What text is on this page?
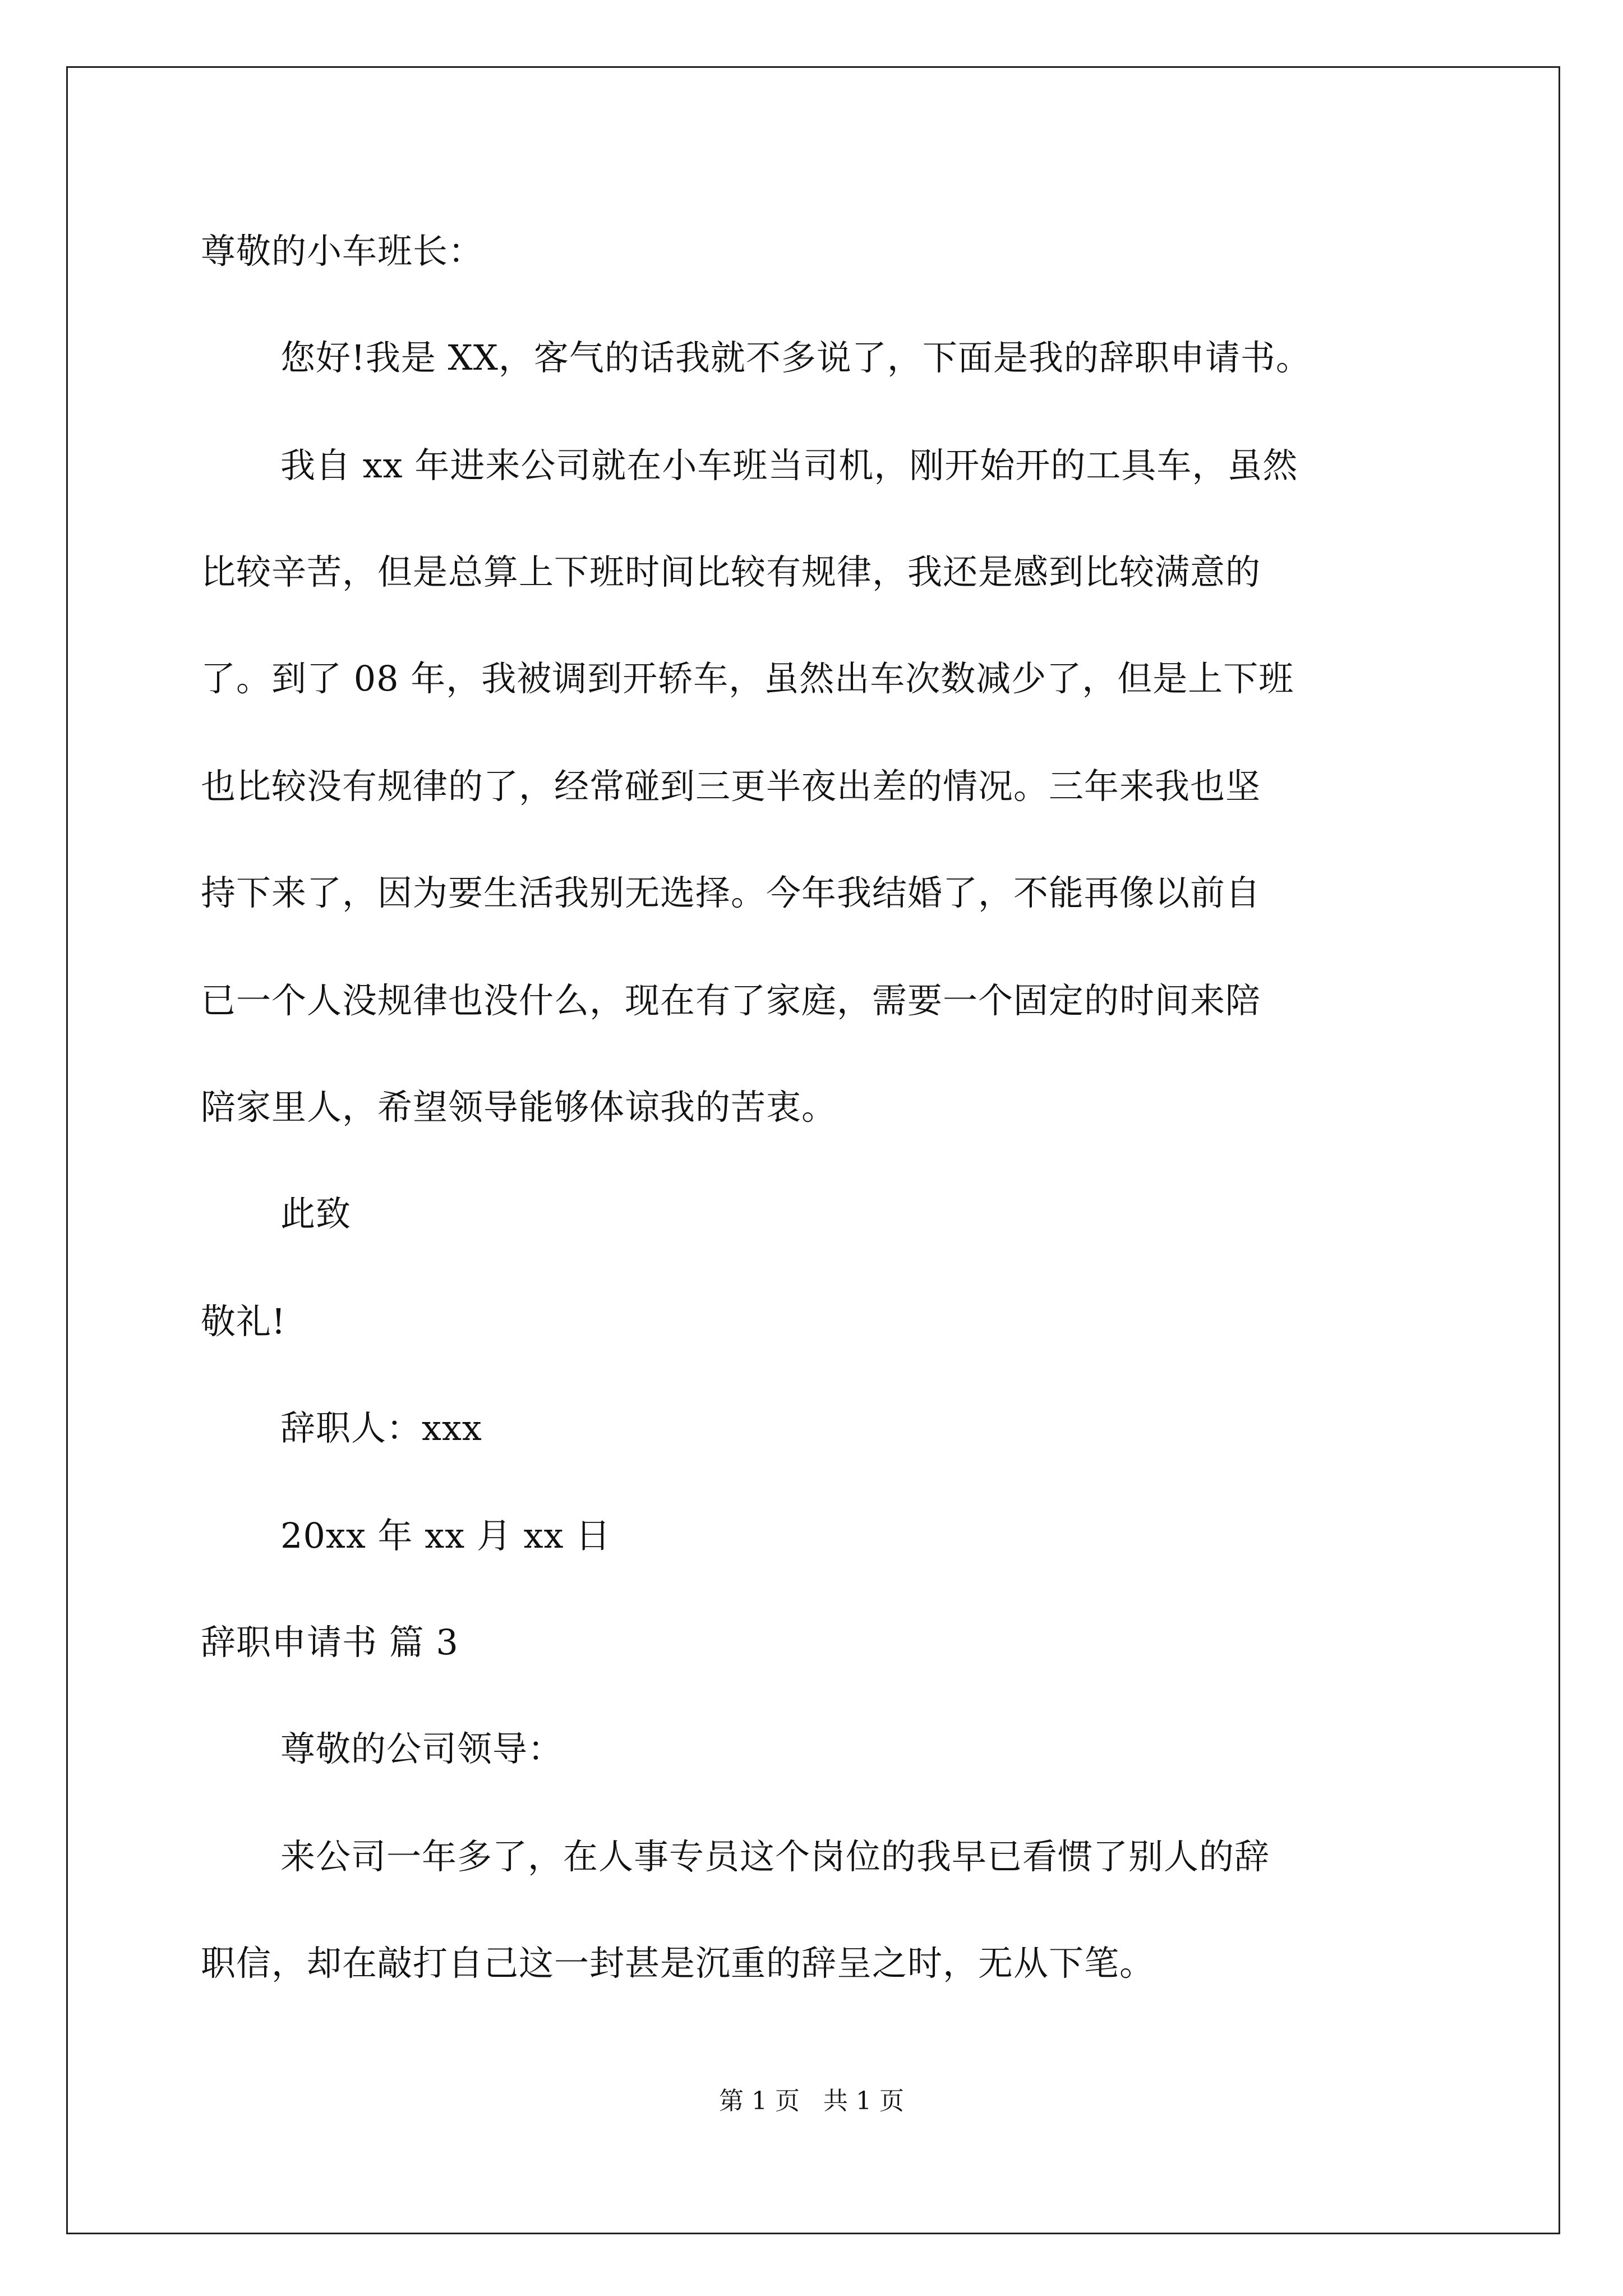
尊敬的小车班长：
您好!我是 XX，客气的话我就不多说了，下面是我的辞职申请书。
我自 xx 年进来公司就在小车班当司机，刚开始开的工具车，虽然
比较辛苦，但是总算上下班时间比较有规律，我还是感到比较满意的
了。到了 08 年，我被调到开轿车，虽然出车次数减少了，但是上下班
也比较没有规律的了，经常碰到三更半夜出差的情况。三年来我也坚
持下来了，因为要生活我别无选择。今年我结婚了，不能再像以前自
已一个人没规律也没什么，现在有了家庭，需要一个固定的时间来陪
陪家里人，希望领导能够体谅我的苦衷。
此致
敬礼!
辞职人：xxx
20xx 年 xx 月 xx 日
辞职申请书 篇 3
尊敬的公司领导：
来公司一年多了，在人事专员这个岗位的我早已看惯了别人的辞
职信，却在敲打自己这一封甚是沉重的辞呈之时，无从下笔。
第 1 页 共 1 页
